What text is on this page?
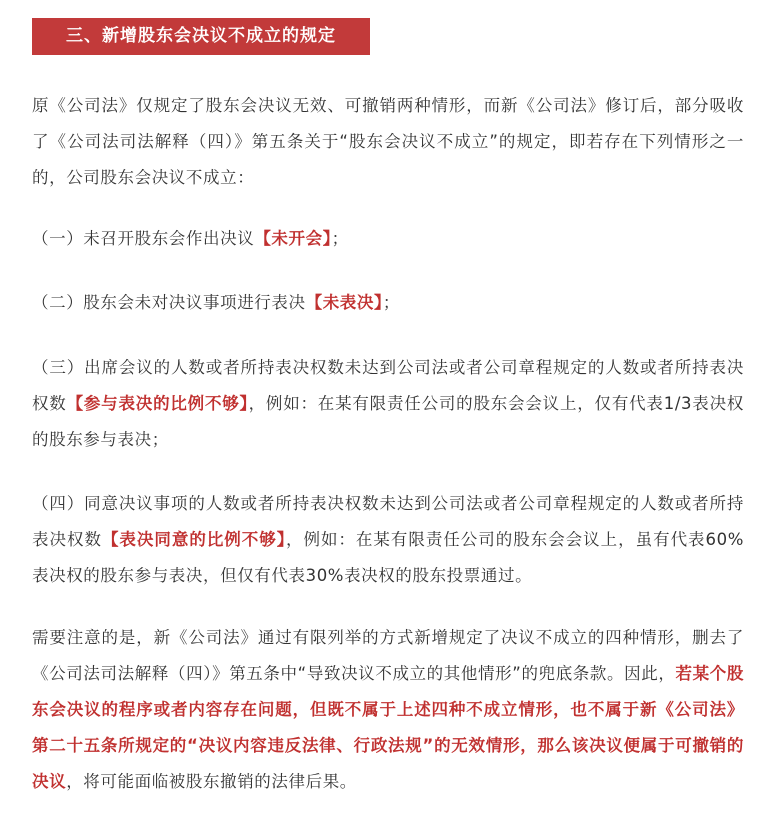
三、新增股东会决议不成立的规定

原《公司法》仅规定了股东会决议无效、可撤销两种情形，而新《公司法》修订后，部分吸收了《公司法司法解释（四）》第五条关于“股东会决议不成立”的规定，即若存在下列情形之一的，公司股东会决议不成立：

（一）未召开股东会作出决议【未开会】；

（二）股东会未对决议事项进行表决【未表决】；

（三）出席会议的人数或者所持表决权数未达到公司法或者公司章程规定的人数或者所持表决权数【参与表决的比例不够】，例如：在某有限责任公司的股东会会议上，仅有代表1/3表决权的股东参与表决；

（四）同意决议事项的人数或者所持表决权数未达到公司法或者公司章程规定的人数或者所持表决权数【表决同意的比例不够】，例如：在某有限责任公司的股东会会议上，虽有代表60%表决权的股东参与表决，但仅有代表30%表决权的股东投票通过。

需要注意的是，新《公司法》通过有限列举的方式新增规定了决议不成立的四种情形，删去了《公司法司法解释（四）》第五条中“导致决议不成立的其他情形”的兜底条款。因此，若某个股东会决议的程序或者内容存在问题，但既不属于上述四种不成立情形，也不属于新《公司法》第二十五条所规定的“决议内容违反法律、行政法规”的无效情形，那么该决议便属于可撤销的决议，将可能面临被股东撤销的法律后果。
